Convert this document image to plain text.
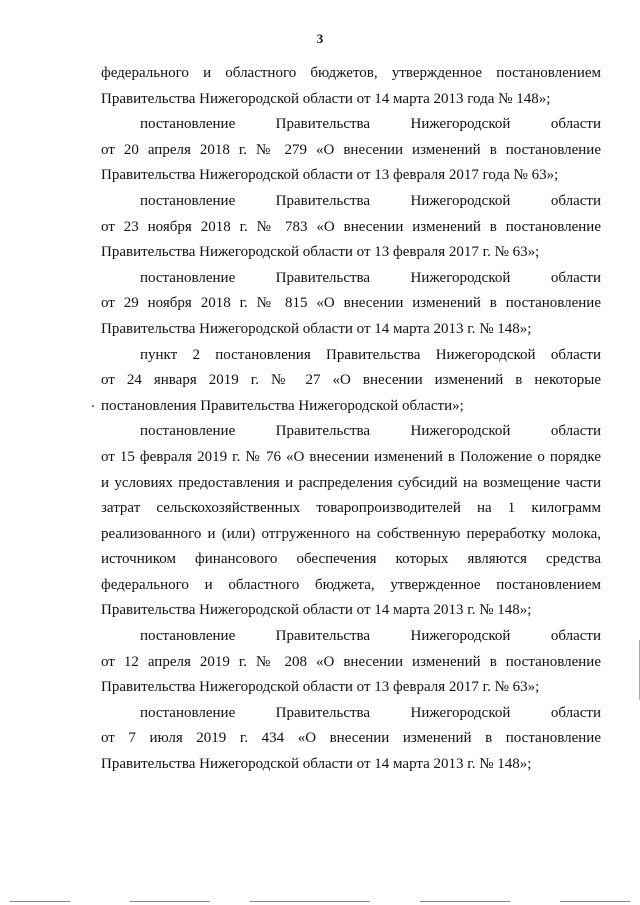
3
федерального и областного бюджетов, утвержденное постановлением
Правительства Нижегородской области от 14 марта 2013 года № 148»;
постановление Правительства Нижегородской области
от 20 апреля 2018 г. № 279 «О внесении изменений в постановление
Правительства Нижегородской области от 13 февраля 2017 года № 63»;
постановление Правительства Нижегородской области
от 23 ноября 2018 г. № 783 «О внесении изменений в постановление
Правительства Нижегородской области от 13 февраля 2017 г. № 63»;
постановление Правительства Нижегородской области
от 29 ноября 2018 г. № 815 «О внесении изменений в постановление
Правительства Нижегородской области от 14 марта 2013 г. № 148»;
пункт 2 постановления Правительства Нижегородской области
от 24 января 2019 г. № 27 «О внесении изменений в некоторые
постановления Правительства Нижегородской области»;
постановление Правительства Нижегородской области
от 15 февраля 2019 г. № 76 «О внесении изменений в Положение о порядке
и условиях предоставления и распределения субсидий на возмещение части
затрат сельскохозяйственных товаропроизводителей на 1 килограмм
реализованного и (или) отгруженного на собственную переработку молока,
источником финансового обеспечения которых являются средства
федерального и областного бюджета, утвержденное постановлением
Правительства Нижегородской области от 14 марта 2013 г. № 148»;
постановление Правительства Нижегородской области
от 12 апреля 2019 г. № 208 «О внесении изменений в постановление
Правительства Нижегородской области от 13 февраля 2017 г. № 63»;
постановление Правительства Нижегородской области
от 7 июля 2019 г. 434 «О внесении изменений в постановление
Правительства Нижегородской области от 14 марта 2013 г. № 148»;
